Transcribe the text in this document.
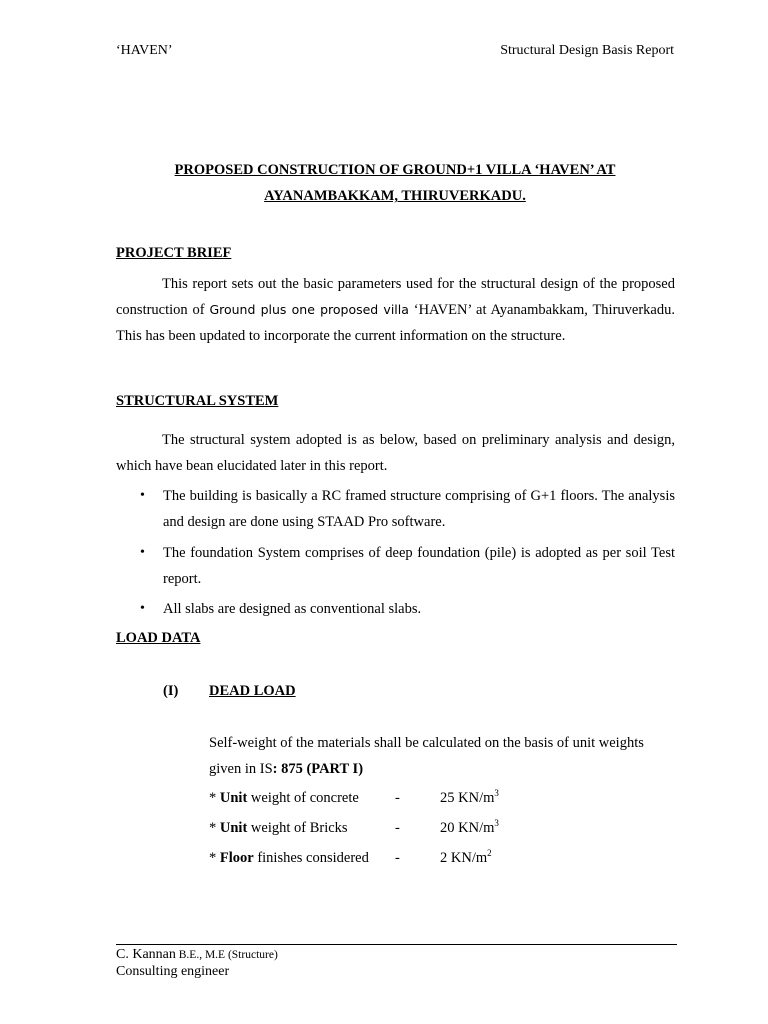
‘HAVEN’	Structural Design Basis Report
PROPOSED CONSTRUCTION OF GROUND+1 VILLA ‘HAVEN’ AT
AYANAMBAKKAM, THIRUVERKADU.
PROJECT BRIEF
This report sets out the basic parameters used for the structural design of the proposed construction of Ground plus one proposed villa ‘HAVEN’ at Ayanambakkam, Thiruverkadu. This has been updated to incorporate the current information on the structure.
STRUCTURAL SYSTEM
The structural system adopted is as below, based on preliminary analysis and design, which have bean elucidated later in this report.
• The building is basically a RC framed structure comprising of G+1 floors. The analysis and design are done using STAAD Pro software.
• The foundation System comprises of deep foundation (pile) is adopted as per soil Test report.
• All slabs are designed as conventional slabs.
LOAD DATA
(I) DEAD LOAD
Self-weight of the materials shall be calculated on the basis of unit weights given in IS: 875 (PART I)
* Unit weight of concrete -	25 $KN/m^3$
* Unit weight of Bricks	-	20 $KN/m^3$
* Floor finishes considered -	2 $KN/m^2$
C. Kannan B.E., M.E (Structure)
Consulting engineer
